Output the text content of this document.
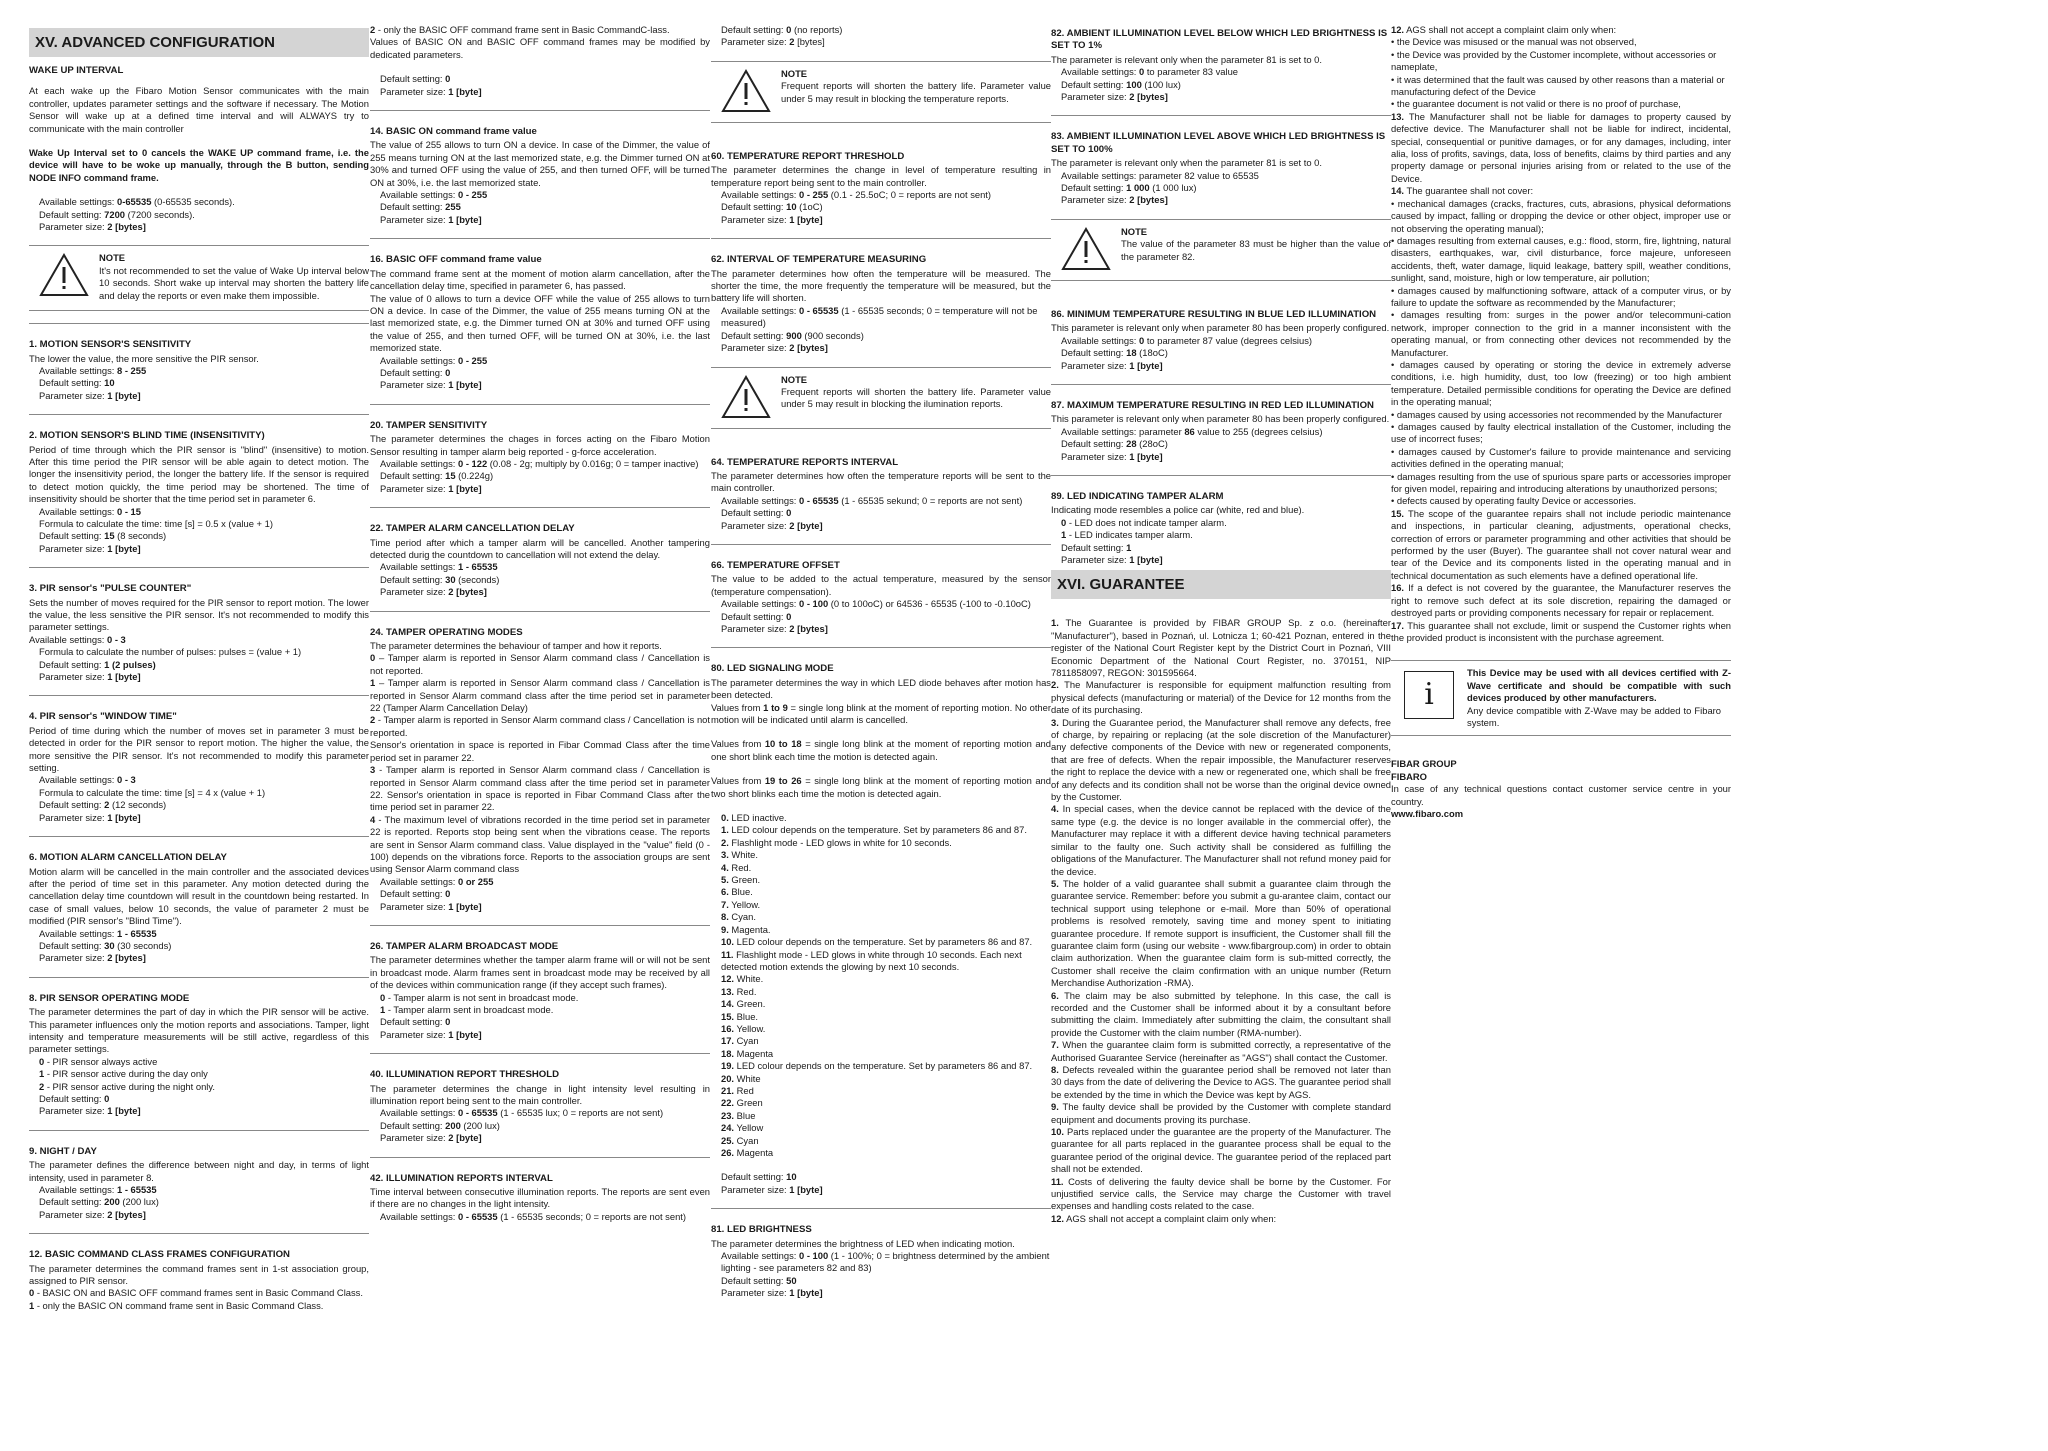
XV. ADVANCED CONFIGURATION
WAKE UP INTERVAL
At each wake up the Fibaro Motion Sensor communicates with the main controller, updates parameter settings and the software if necessary. The Motion Sensor will wake up at a defined time interval and will ALWAYS try to communicate with the main controller
Wake Up Interval set to 0 cancels the WAKE UP command frame, i.e. the device will have to be woke up manually, through the B button, sending NODE INFO command frame.
Available settings: 0-65535 (0-65535 seconds).
Default setting: 7200 (7200 seconds).
Parameter size: 2 [bytes]
NOTE
It's not recommended to set the value of Wake Up interval below 10 seconds. Short wake up interval may shorten the battery life and delay the reports or even make them impossible.
1. MOTION SENSOR'S SENSITIVITY
The lower the value, the more sensitive the PIR sensor.
Available settings: 8 - 255
Default setting: 10
Parameter size: 1 [byte]
2. MOTION SENSOR'S BLIND TIME (INSENSITIVITY)
Period of time through which the PIR sensor is "blind" (insensitive) to motion. After this time period the PIR sensor will be able again to detect motion. The longer the insensitivity period, the longer the battery life. If the sensor is required to detect motion quickly, the time period may be shortened. The time of insensitivity should be shorter that the time period set in parameter 6.
Available settings: 0 - 15
Formula to calculate the time: time [s] = 0.5 x (value + 1)
Default setting: 15 (8 seconds)
Parameter size: 1 [byte]
3. PIR sensor's "PULSE COUNTER"
Sets the number of moves required for the PIR sensor to report motion. The lower the value, the less sensitive the PIR sensor. It's not recommended to modify this parameter settings.
Available settings: 0 - 3
Formula to calculate the number of pulses: pulses = (value + 1)
Default setting: 1 (2 pulses)
Parameter size: 1 [byte]
4. PIR sensor's "WINDOW TIME"
Period of time during which the number of moves set in parameter 3 must be detected in order for the PIR sensor to report motion. The higher the value, the more sensitive the PIR sensor. It's not recommended to modify this parameter setting.
Available settings: 0 - 3
Formula to calculate the time: time [s] = 4 x (value + 1)
Default setting: 2 (12 seconds)
Parameter size: 1 [byte]
6. MOTION ALARM CANCELLATION DELAY
Motion alarm will be cancelled in the main controller and the associated devices after the period of time set in this parameter. Any motion detected during the cancellation delay time countdown will result in the countdown being restarted. In case of small values, below 10 seconds, the value of parameter 2 must be modified (PIR sensor's "Blind Time").
Available settings: 1 - 65535
Default setting: 30 (30 seconds)
Parameter size: 2 [bytes]
8. PIR SENSOR OPERATING MODE
The parameter determines the part of day in which the PIR sensor will be active. This parameter influences only the motion reports and associations. Tamper, light intensity and temperature measurements will be still active, regardless of this parameter settings.
0 - PIR sensor always active
1 - PIR sensor active during the day only
2 - PIR sensor active during the night only.
Default setting: 0
Parameter size: 1 [byte]
9. NIGHT / DAY
The parameter defines the difference between night and day, in terms of light intensity, used in parameter 8.
Available settings: 1 - 65535
Default setting: 200 (200 lux)
Parameter size: 2 [bytes]
12. BASIC COMMAND CLASS FRAMES CONFIGURATION
The parameter determines the command frames sent in 1-st association group, assigned to PIR sensor.
0 - BASIC ON and BASIC OFF command frames sent in Basic Command Class.
1 - only the BASIC ON command frame sent in Basic Command Class.
2 - only the BASIC OFF command frame sent in Basic CommandC-lass.
Values of BASIC ON and BASIC OFF command frames may be modified by dedicated parameters.
Default setting: 0
Parameter size: 1 [byte]
14. BASIC ON command frame value
The value of 255 allows to turn ON a device. In case of the Dimmer, the value of 255 means turning ON at the last memorized state, e.g. the Dimmer turned ON at 30% and turned OFF using the value of 255, and then turned OFF, will be turned ON at 30%, i.e. the last memorized state.
Available settings: 0 - 255
Default setting: 255
Parameter size: 1 [byte]
16. BASIC OFF command frame value
The command frame sent at the moment of motion alarm cancellation, after the cancellation delay time, specified in parameter 6, has passed.
The value of 0 allows to turn a device OFF while the value of 255 allows to turn ON a device. In case of the Dimmer, the value of 255 means turning ON at the last memorized state, e.g. the Dimmer turned ON at 30% and turned OFF using the value of 255, and then turned OFF, will be turned ON at 30%, i.e. the last memorized state.
Available settings: 0 - 255
Default setting: 0
Parameter size: 1 [byte]
20. TAMPER SENSITIVITY
The parameter determines the chages in forces acting on the Fibaro Motion Sensor resulting in tamper alarm beig reported - g-force acceleration.
Available settings: 0 - 122 (0.08 - 2g; multiply by 0.016g; 0 = tamper inactive)
Default setting: 15 (0.224g)
Parameter size: 1 [byte]
22. TAMPER ALARM CANCELLATION DELAY
Time period after which a tamper alarm will be cancelled. Another tampering detected durig the countdown to cancellation will not extend the delay.
Available settings: 1 - 65535
Default setting: 30 (seconds)
Parameter size: 2 [bytes]
24. TAMPER OPERATING MODES
The parameter determines the behaviour of tamper and how it reports.
0 – Tamper alarm is reported in Sensor Alarm command class / Cancellation is not reported.
1 – Tamper alarm is reported in Sensor Alarm command class / Cancellation is reported in Sensor Alarm command class after the time period set in parameter 22 (Tamper Alarm Cancellation Delay)
2 - Tamper alarm is reported in Sensor Alarm command class / Cancellation is not reported.
Sensor's orientation in space is reported in Fibar Commad Class after the time period set in paramer 22.
3 - Tamper alarm is reported in Sensor Alarm command class / Cancellation is reported in Sensor Alarm command class after the time period set in parameter 22. Sensor's orientation in space is reported in Fibar Command Class after the time period set in paramer 22.
4 - The maximum level of vibrations recorded in the time period set in parameter 22 is reported. Reports stop being sent when the vibrations cease. The reports are sent in Sensor Alarm command class. Value displayed in the "value" field (0 - 100) depends on the vibrations force. Reports to the association groups are sent using Sensor Alarm command class
Available settings: 0 or 255
Default setting: 0
Parameter size: 1 [byte]
26. TAMPER ALARM BROADCAST MODE
The parameter determines whether the tamper alarm frame will or will not be sent in broadcast mode. Alarm frames sent in broadcast mode may be received by all of the devices within communication range (if they accept such frames).
0 - Tamper alarm is not sent in broadcast mode.
1 - Tamper alarm sent in broadcast mode.
Default setting: 0
Parameter size: 1 [byte]
40. ILLUMINATION REPORT THRESHOLD
The parameter determines the change in light intensity level resulting in illumination report being sent to the main controller.
Available settings: 0 - 65535 (1 - 65535 lux; 0 = reports are not sent)
Default setting: 200 (200 lux)
Parameter size: 2 [byte]
42. ILLUMINATION REPORTS INTERVAL
Time interval between consecutive illumination reports. The reports are sent even if there are no changes in the light intensity.
Available settings: 0 - 65535 (1 - 65535 seconds; 0 = reports are not sent)
Default setting: 0 (no reports)
Parameter size: 2 [bytes]
NOTE
Frequent reports will shorten the battery life. Parameter value under 5 may result in blocking the temperature reports.
60. TEMPERATURE REPORT THRESHOLD
The parameter determines the change in level of temperature resulting in temperature report being sent to the main controller.
Available settings: 0 - 255 (0.1 - 25.5oC; 0 = reports are not sent)
Default setting: 10 (1oC)
Parameter size: 1 [byte]
62. INTERVAL OF TEMPERATURE MEASURING
The parameter determines how often the temperature will be measured. The shorter the time, the more frequently the temperature will be measured, but the battery life will shorten.
Available settings: 0 - 65535 (1 - 65535 seconds; 0 = temperature will not be measured)
Default setting: 900 (900 seconds)
Parameter size: 2 [bytes]
NOTE
Frequent reports will shorten the battery life. Parameter value under 5 may result in blocking the ilumination reports.
64. TEMPERATURE REPORTS INTERVAL
The parameter determines how often the temperature reports will be sent to the main controller.
Available settings: 0 - 65535 (1 - 65535 sekund; 0 = reports are not sent)
Default setting: 0
Parameter size: 2 [byte]
66. TEMPERATURE OFFSET
The value to be added to the actual temperature, measured by the sensor (temperature compensation).
Available settings: 0 - 100 (0 to 100oC) or 64536 - 65535 (-100 to -0.10oC)
Default setting: 0
Parameter size: 2 [bytes]
80. LED SIGNALING MODE
The parameter determines the way in which LED diode behaves after motion has been detected.
Values from 1 to 9 = single long blink at the moment of reporting motion. No other motion will be indicated until alarm is cancelled.
Values from 10 to 18 = single long blink at the moment of reporting motion and one short blink each time the motion is detected again.
Values from 19 to 26 = single long blink at the moment of reporting motion and two short blinks each time the motion is detected again.
0. LED inactive.
1. LED colour depends on the temperature. Set by parameters 86 and 87.
2. Flashlight mode - LED glows in white for 10 seconds.
3. White.
4. Red.
5. Green.
6. Blue.
7. Yellow.
8. Cyan.
9. Magenta.
10. LED colour depends on the temperature. Set by parameters 86 and 87.
11. Flashlight mode - LED glows in white through 10 seconds. Each next detected motion extends the glowing by next 10 seconds.
12. White.
13. Red.
14. Green.
15. Blue.
16. Yellow.
17. Cyan
18. Magenta
19. LED colour depends on the temperature. Set by parameters 86 and 87.
20. White
21. Red
22. Green
23. Blue
24. Yellow
25. Cyan
26. Magenta
Default setting: 10
Parameter size: 1 [byte]
81. LED BRIGHTNESS
The parameter determines the brightness of LED when indicating motion.
Available settings: 0 - 100 (1 - 100%; 0 = brightness determined by the ambient lighting - see parameters 82 and 83)
Default setting: 50
Parameter size: 1 [byte]
82. AMBIENT ILLUMINATION LEVEL BELOW WHICH LED BRIGHTNESS IS SET TO 1%
The parameter is relevant only when the parameter 81 is set to 0.
Available settings: 0 to parameter 83 value
Default setting: 100 (100 lux)
Parameter size: 2 [bytes]
83. AMBIENT ILLUMINATION LEVEL ABOVE WHICH LED BRIGHTNESS IS SET TO 100%
The parameter is relevant only when the parameter 81 is set to 0.
Available settings: parameter 82 value to 65535
Default setting: 1 000 (1 000 lux)
Parameter size: 2 [bytes]
NOTE
The value of the parameter 83 must be higher than the value of the parameter 82.
86. MINIMUM TEMPERATURE RESULTING IN BLUE LED ILLUMINATION
This parameter is relevant only when parameter 80 has been properly configured.
Available settings: 0 to parameter 87 value (degrees celsius)
Default setting: 18 (18oC)
Parameter size: 1 [byte]
87. MAXIMUM TEMPERATURE RESULTING IN RED LED ILLUMINATION
This parameter is relevant only when parameter 80 has been properly configured.
Available settings: parameter 86 value to 255 (degrees celsius)
Default setting: 28 (28oC)
Parameter size: 1 [byte]
89. LED INDICATING TAMPER ALARM
Indicating mode resembles a police car (white, red and blue).
0 - LED does not indicate tamper alarm.
1 - LED indicates tamper alarm.
Default setting: 1
Parameter size: 1 [byte]
XVI. GUARANTEE
1. The Guarantee is provided by FIBAR GROUP Sp. z o.o. (hereinafter "Manufacturer"), based in Poznań, ul. Lotnicza 1; 60-421 Poznan, entered in the register of the National Court Register kept by the District Court in Poznań, VIII Economic Department of the National Court Register, no. 370151, NIP 7811858097, REGON: 301595664.
2. The Manufacturer is responsible for equipment malfunction resulting from physical defects (manufacturing or material) of the Device for 12 months from the date of its purchasing.
3. During the Guarantee period, the Manufacturer shall remove any defects, free of charge, by repairing or replacing (at the sole discretion of the Manufacturer) any defective components of the Device with new or regenerated components, that are free of defects. When the repair impossible, the Manufacturer reserves the right to replace the device with a new or regenerated one, which shall be free of any defects and its condition shall not be worse than the original device owned by the Customer.
4. In special cases, when the device cannot be replaced with the device of the same type (e.g. the device is no longer available in the commercial offer), the Manufacturer may replace it with a different device having technical parameters similar to the faulty one. Such activity shall be considered as fulfilling the obligations of the Manufacturer. The Manufacturer shall not refund money paid for the device.
5. The holder of a valid guarantee shall submit a guarantee claim through the guarantee service. Remember: before you submit a gu-arantee claim, contact our technical support using telephone or e-mail. More than 50% of operational problems is resolved remotely, saving time and money spent to initiating guarantee procedure. If remote support is insufficient, the Customer shall fill the guarantee claim form (using our website - www.fibargroup.com) in order to obtain claim authorization. When the guarantee claim form is sub-mitted correctly, the Customer shall receive the claim confirmation with an unique number (Return Merchandise Authorization -RMA).
6. The claim may be also submitted by telephone. In this case, the call is recorded and the Customer shall be informed about it by a consultant before submitting the claim. Immediately after submitting the claim, the consultant shall provide the Customer with the claim number (RMA-number).
7. When the guarantee claim form is submitted correctly, a representative of the Authorised Guarantee Service (hereinafter as "AGS") shall contact the Customer.
8. Defects revealed within the guarantee period shall be removed not later than 30 days from the date of delivering the Device to AGS. The guarantee period shall be extended by the time in which the Device was kept by AGS.
9. The faulty device shall be provided by the Customer with complete standard equipment and documents proving its purchase.
10. Parts replaced under the guarantee are the property of the Manufacturer. The guarantee for all parts replaced in the guarantee process shall be equal to the guarantee period of the original device. The guarantee period of the replaced part shall not be extended.
11. Costs of delivering the faulty device shall be borne by the Customer. For unjustified service calls, the Service may charge the Customer with travel expenses and handling costs related to the case.
12. AGS shall not accept a complaint claim only when:
12. AGS shall not accept a complaint claim only when:
• the Device was misused or the manual was not observed,
• the Device was provided by the Customer incomplete, without accessories or
nameplate,
• it was determined that the fault was caused by other reasons than a material or
manufacturing defect of the Device
• the guarantee document is not valid or there is no proof of purchase,
13. The Manufacturer shall not be liable for damages to property caused by defective device. The Manufacturer shall not be liable for indirect, incidental, special, consequential or punitive damages, or for any damages, including, inter alia, loss of profits, savings, data, loss of benefits, claims by third parties and any property damage or personal injuries arising from or related to the use of the Device.
14. The guarantee shall not cover:
• mechanical damages (cracks, fractures, cuts, abrasions, physical deformations caused by impact, falling or dropping the device or other object, improper use or not observing the operating manual);
• damages resulting from external causes, e.g.: flood, storm, fire, lightning, natural disasters, earthquakes, war, civil disturbance, force majeure, unforeseen accidents, theft, water damage, liquid leakage, battery spill, weather conditions, sunlight, sand, moisture, high or low temperature, air pollution;
• damages caused by malfunctioning software, attack of a computer virus, or by failure to update the software as recommended by the Manufacturer;
• damages resulting from: surges in the power and/or telecommuni-cation network, improper connection to the grid in a manner inconsistent with the operating manual, or from connecting other devices not recommended by the Manufacturer.
• damages caused by operating or storing the device in extremely adverse conditions, i.e. high humidity, dust, too low (freezing) or too high ambient temperature. Detailed permissible conditions for operating the Device are defined in the operating manual;
• damages caused by using accessories not recommended by the Manufacturer
• damages caused by faulty electrical installation of the Customer, including the use of incorrect fuses;
• damages caused by Customer's failure to provide maintenance and servicing activities defined in the operating manual;
• damages resulting from the use of spurious spare parts or accessories improper for given model, repairing and introducing alterations by unauthorized persons;
• defects caused by operating faulty Device or accessories.
15. The scope of the guarantee repairs shall not include periodic maintenance and inspections, in particular cleaning, adjustments, operational checks, correction of errors or parameter programming and other activities that should be performed by the user (Buyer). The guarantee shall not cover natural wear and tear of the Device and its components listed in the operating manual and in technical documentation as such elements have a defined operational life.
16. If a defect is not covered by the guarantee, the Manufacturer reserves the right to remove such defect at its sole discretion, repairing the damaged or destroyed parts or providing components necessary for repair or replacement.
17. This guarantee shall not exclude, limit or suspend the Customer rights when the provided product is inconsistent with the purchase agreement.
i
This Device may be used with all devices certified with Z-Wave certificate and should be compatible with such devices produced by other manufacturers.
Any device compatible with Z-Wave may be added to Fibaro system.
FIBAR GROUP
FIBARO
In case of any technical questions contact customer service centre in your country.
www.fibaro.com
